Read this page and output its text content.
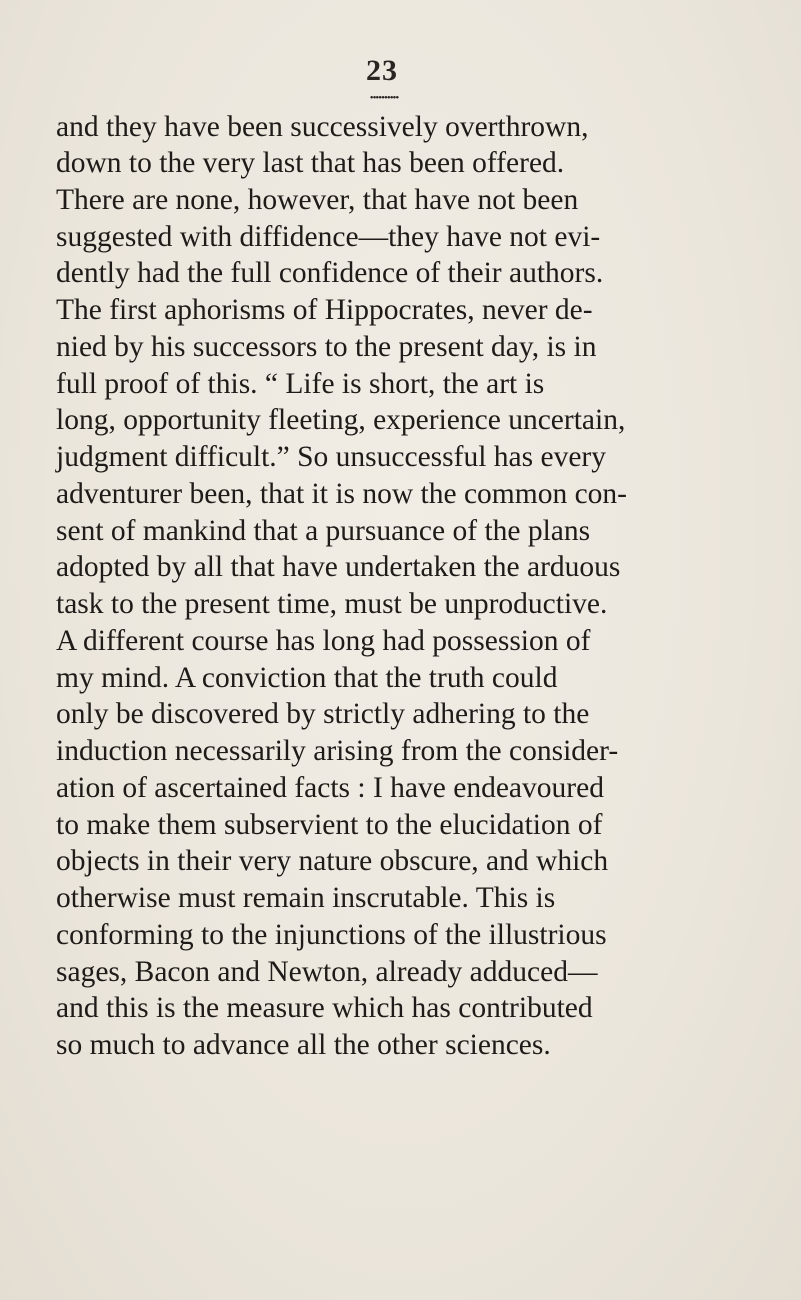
23
••••••••••
and they have been successively overthrown,
down to the very last that has been offered.
There are none, however, that have not been
suggested with diffidence—they have not evi-
dently had the full confidence of their authors.
The first aphorisms of Hippocrates, never de-
nied by his successors to the present day, is in
full proof of this. “ Life is short, the art is
long, opportunity fleeting, experience uncertain,
judgment difficult.” So unsuccessful has every
adventurer been, that it is now the common con-
sent of mankind that a pursuance of the plans
adopted by all that have undertaken the arduous
task to the present time, must be unproductive.
A different course has long had possession of
my mind. A conviction that the truth could
only be discovered by strictly adhering to the
induction necessarily arising from the consider-
ation of ascertained facts : I have endeavoured
to make them subservient to the elucidation of
objects in their very nature obscure, and which
otherwise must remain inscrutable. This is
conforming to the injunctions of the illustrious
sages, Bacon and Newton, already adduced—
and this is the measure which has contributed
so much to advance all the other sciences.
